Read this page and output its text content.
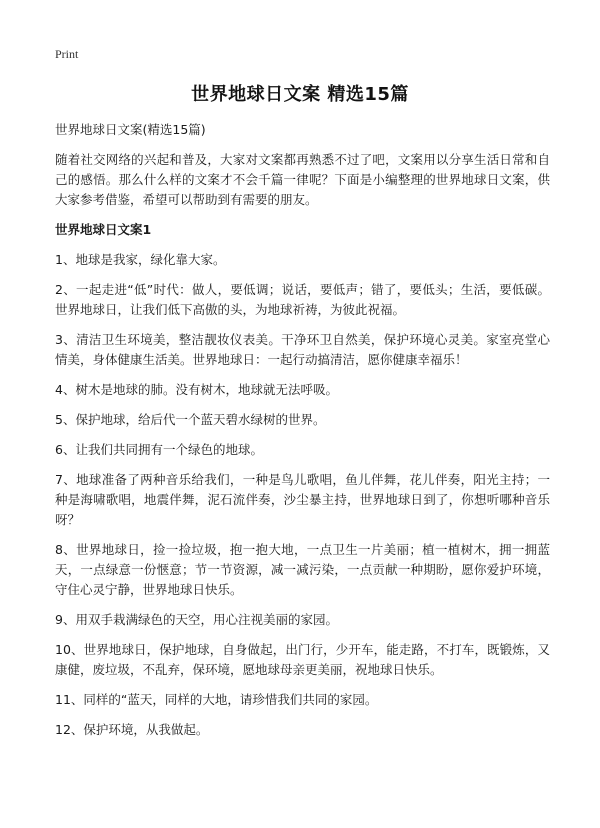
Print
世界地球日文案 精选15篇
世界地球日文案(精选15篇)
随着社交网络的兴起和普及，大家对文案都再熟悉不过了吧，文案用以分享生活日常和自己的感悟。那么什么样的文案才不会千篇一律呢？下面是小编整理的世界地球日文案，供大家参考借鉴，希望可以帮助到有需要的朋友。
世界地球日文案1
1、地球是我家，绿化靠大家。
2、一起走进“低”时代：做人，要低调；说话，要低声；错了，要低头；生活，要低碳。世界地球日，让我们低下高傲的头，为地球祈祷，为彼此祝福。
3、清洁卫生环境美，整洁靓妆仪表美。干净环卫自然美，保护环境心灵美。家室亮堂心情美，身体健康生活美。世界地球日：一起行动搞清洁，愿你健康幸福乐！
4、树木是地球的肺。没有树木，地球就无法呼吸。
5、保护地球，给后代一个蓝天碧水绿树的世界。
6、让我们共同拥有一个绿色的地球。
7、地球准备了两种音乐给我们，一种是鸟儿歌唱，鱼儿伴舞，花儿伴奏，阳光主持；一种是海啸歌唱，地震伴舞，泥石流伴奏，沙尘暴主持，世界地球日到了，你想听哪种音乐呀？
8、世界地球日，捡一捡垃圾，抱一抱大地，一点卫生一片美丽；植一植树木，拥一拥蓝天，一点绿意一份惬意；节一节资源，减一减污染，一点贡献一种期盼，愿你爱护环境，守住心灵宁静，世界地球日快乐。
9、用双手栽满绿色的天空，用心注视美丽的家园。
10、世界地球日，保护地球，自身做起，出门行，少开车，能走路，不打车，既锻炼，又康健，废垃圾，不乱弃，保环境，愿地球母亲更美丽，祝地球日快乐。
11、同样的“蓝天，同样的大地，请珍惜我们共同的家园。
12、保护环境，从我做起。
